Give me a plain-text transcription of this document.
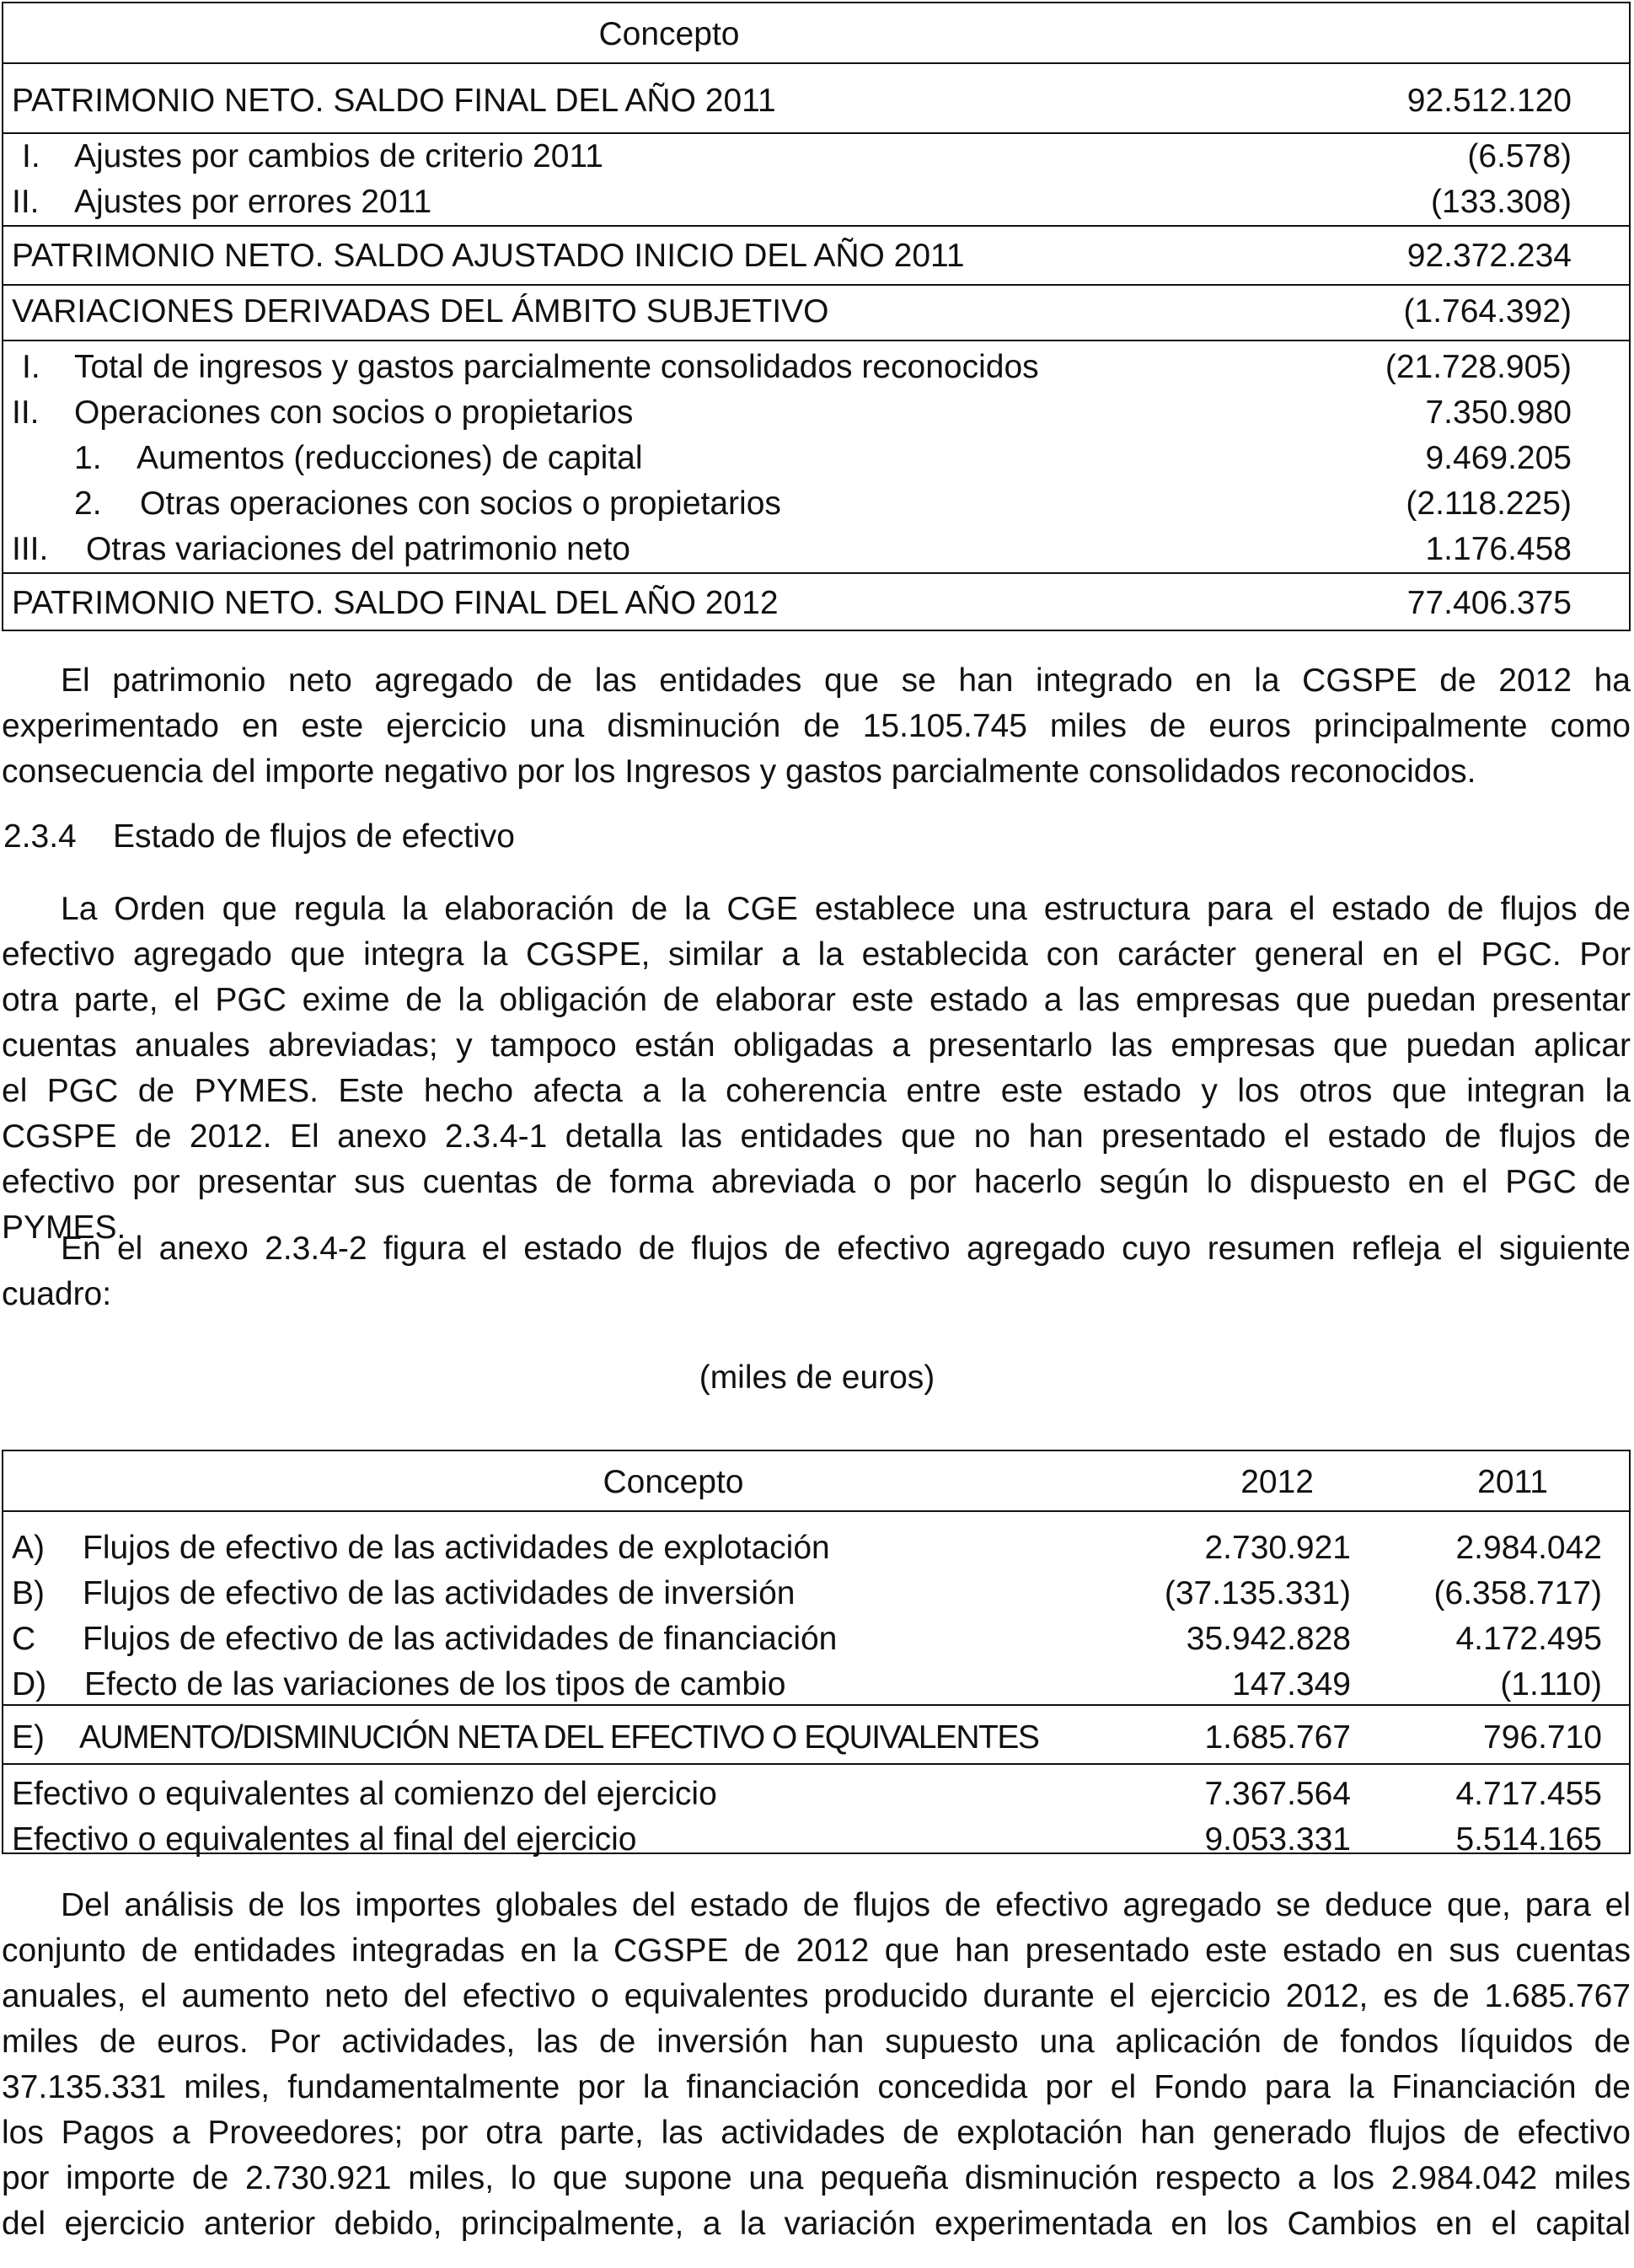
Concepto
PATRIMONIO NETO. SALDO FINAL DEL AÑO 2011	92.512.120
I. Ajustes por cambios de criterio 2011	(6.578)
II. Ajustes por errores 2011	(133.308)
PATRIMONIO NETO. SALDO AJUSTADO INICIO DEL AÑO 2011	92.372.234
VARIACIONES DERIVADAS DEL ÁMBITO SUBJETIVO	(1.764.392)
I. Total de ingresos y gastos parcialmente consolidados reconocidos	(21.728.905)
II. Operaciones con socios o propietarios	7.350.980
1. Aumentos (reducciones) de capital	9.469.205
2. Otras operaciones con socios o propietarios	(2.118.225)
III. Otras variaciones del patrimonio neto	1.176.458
PATRIMONIO NETO. SALDO FINAL DEL AÑO 2012	77.406.375
El patrimonio neto agregado de las entidades que se han integrado en la CGSPE de 2012 ha
experimentado en este ejercicio una disminución de 15.105.745 miles de euros principalmente como
consecuencia del importe negativo por los Ingresos y gastos parcialmente consolidados reconocidos.
2.3.4 Estado de flujos de efectivo
La Orden que regula la elaboración de la CGE establece una estructura para el estado de flujos de
efectivo agregado que integra la CGSPE, similar a la establecida con carácter general en el PGC. Por
otra parte, el PGC exime de la obligación de elaborar este estado a las empresas que puedan presentar
cuentas anuales abreviadas; y tampoco están obligadas a presentarlo las empresas que puedan aplicar
el PGC de PYMES. Este hecho afecta a la coherencia entre este estado y los otros que integran la
CGSPE de 2012. El anexo 2.3.4-1 detalla las entidades que no han presentado el estado de flujos de
efectivo por presentar sus cuentas de forma abreviada o por hacerlo según lo dispuesto en el PGC de
PYMES.
En el anexo 2.3.4-2 figura el estado de flujos de efectivo agregado cuyo resumen refleja el siguiente
cuadro:
(miles de euros)
Concepto	2012	2011
A) Flujos de efectivo de las actividades de explotación	2.730.921	2.984.042
B) Flujos de efectivo de las actividades de inversión	(37.135.331)	(6.358.717)
C Flujos de efectivo de las actividades de financiación	35.942.828	4.172.495
D) Efecto de las variaciones de los tipos de cambio	147.349	(1.110)
E) AUMENTO/DISMINUCIÓN NETA DEL EFECTIVO O EQUIVALENTES	1.685.767	796.710
Efectivo o equivalentes al comienzo del ejercicio	7.367.564	4.717.455
Efectivo o equivalentes al final del ejercicio	9.053.331	5.514.165
Del análisis de los importes globales del estado de flujos de efectivo agregado se deduce que, para el
conjunto de entidades integradas en la CGSPE de 2012 que han presentado este estado en sus cuentas
anuales, el aumento neto del efectivo o equivalentes producido durante el ejercicio 2012, es de 1.685.767
miles de euros. Por actividades, las de inversión han supuesto una aplicación de fondos líquidos de
37.135.331 miles, fundamentalmente por la financiación concedida por el Fondo para la Financiación de
los Pagos a Proveedores; por otra parte, las actividades de explotación han generado flujos de efectivo
por importe de 2.730.921 miles, lo que supone una pequeña disminución respecto a los 2.984.042 miles
del ejercicio anterior debido, principalmente, a la variación experimentada en los Cambios en el capital
